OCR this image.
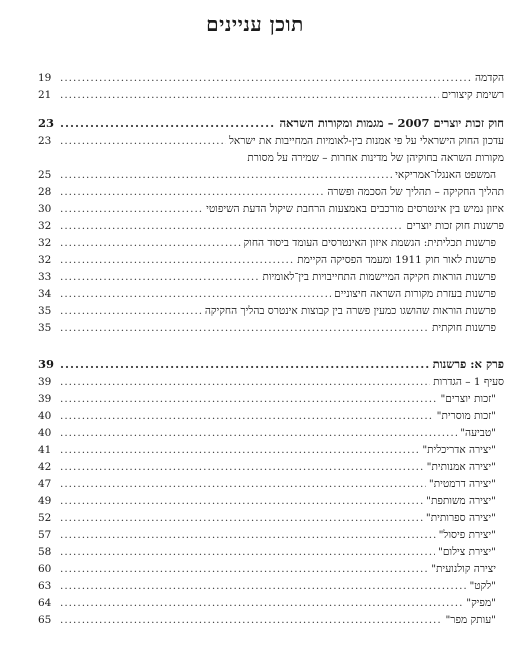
תוכן עניינים
הקדמה
.....
19
רשימת קיצורים
.....
21
חוק זכות יוצרים 2007 – מגמות ומקורות השראה
.....
23
עדכון החוק הישראלי על פי אמנות בין-לאומיות המחייבות את ישראל
.....
23
מקורות השראה בחוקיהן של מדינות אחרות – שמירה על מסורת
המשפט האנגלו־אמריקאי
.....
25
תהליך החקיקה – תהליך של הסכמה ופשרה
.....
28
איזון גמיש בין אינטרסים מורכבים באמצעות הרחבת שיקול הדעת השיפוטי
.....
30
פרשנות חוק זכות יוצרים
.....
32
פרשנות תכליתית: הגשמת איזון האינטרסים העומד ביסוד החוק
.....
32
פרשנות לאור חוק 1911 ומעמד הפסיקה הקיימת
.....
32
פרשנות הוראות חקיקה המיישמות התחייבויות בין־לאומיות
.....
33
פרשנות בעזרת מקורות השראה חיצוניים
.....
34
פרשנות הוראות שהושגו כמעין פשרה בין קבוצות אינטרס בהליך החקיקה
.....
35
פרשנות חוקתית
.....
35
פרק א: פרשנות
.....
39
סעיף 1 – הגדרות
.....
39
"זכות יוצרים"
.....
39
"זכות מוסרית"
.....
40
"טביעה"
.....
40
"יצירה אדריכלית"
.....
41
"יצירה אמנותית"
.....
42
"יצירה דרמטית"
.....
47
"יצירה משותפת"
.....
49
"יצירה ספרותית"
.....
52
"יצירת פיסול"
.....
57
"יצירת צילום"
.....
58
יצירה קולנועית"
.....
60
"לקט"
.....
63
"מפיק"
.....
64
"עותק מפר"
.....
65
